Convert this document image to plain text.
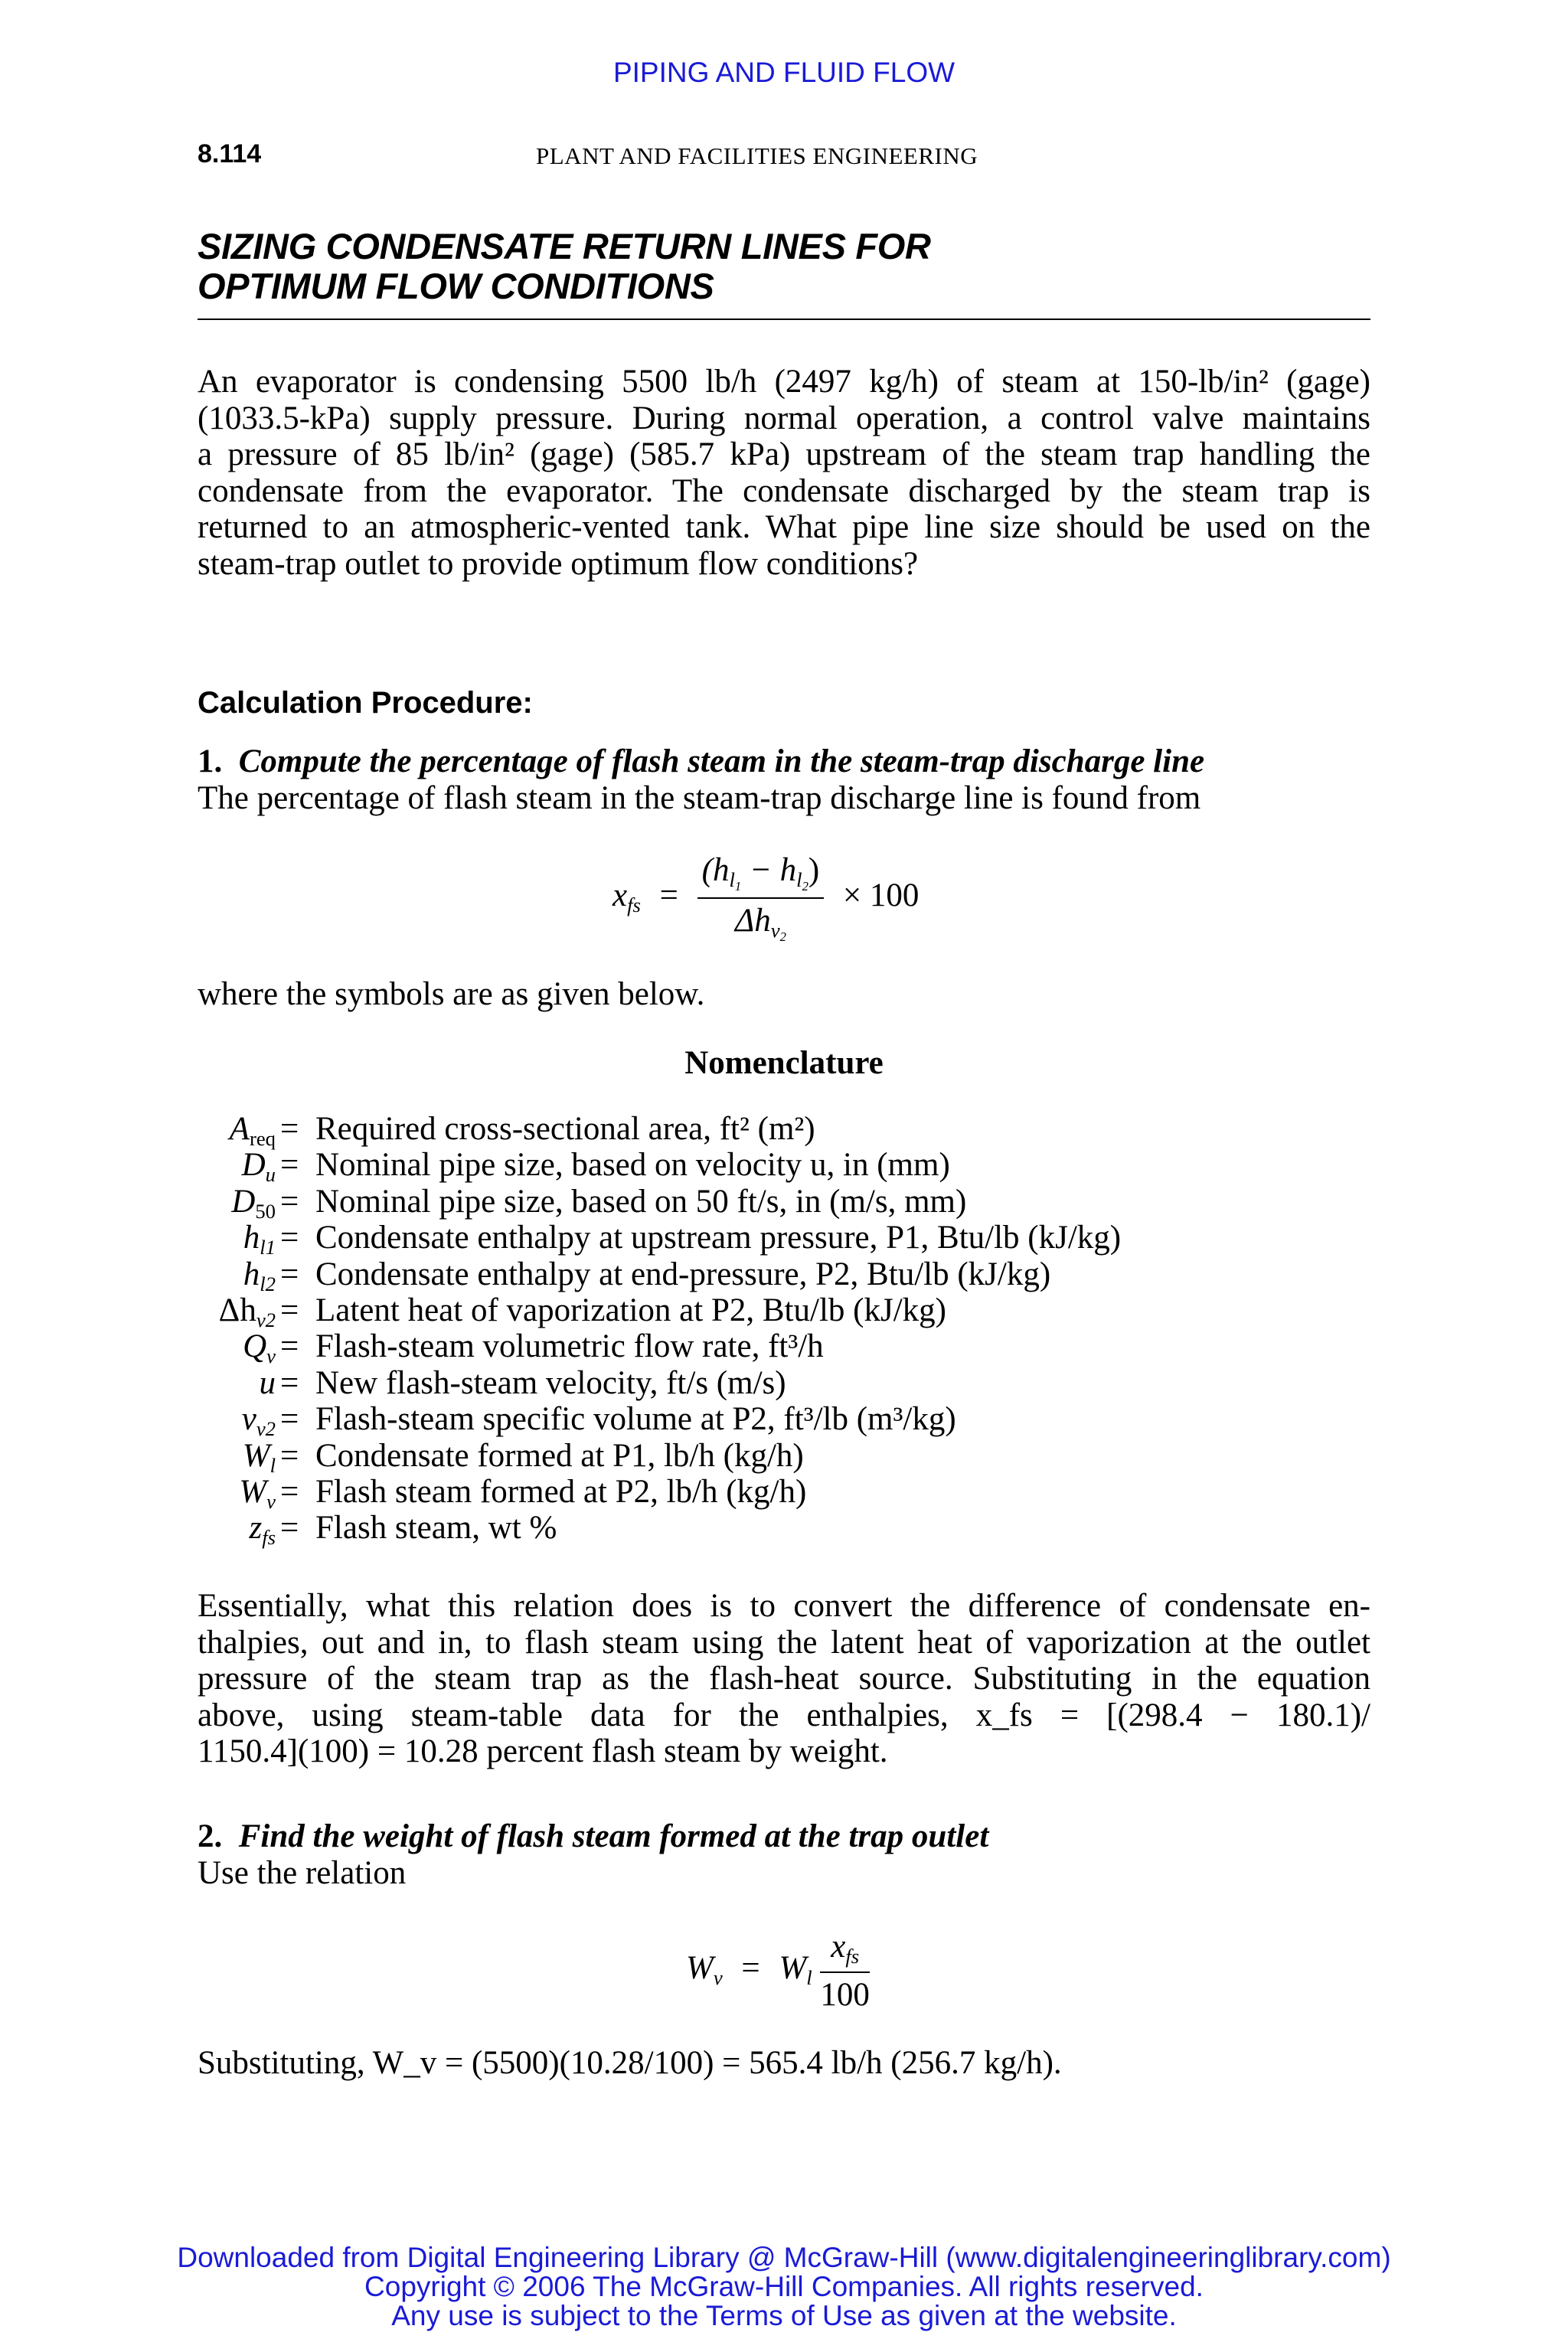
PIPING AND FLUID FLOW
8.114	PLANT AND FACILITIES ENGINEERING
SIZING CONDENSATE RETURN LINES FOR
OPTIMUM FLOW CONDITIONS
An evaporator is condensing 5500 lb/h (2497 kg/h) of steam at 150-lb/in² (gage)
(1033.5-kPa) supply pressure. During normal operation, a control valve maintains
a pressure of 85 lb/in² (gage) (585.7 kPa) upstream of the steam trap handling the
condensate from the evaporator. The condensate discharged by the steam trap is
returned to an atmospheric-vented tank. What pipe line size should be used on the
steam-trap outlet to provide optimum flow conditions?
Calculation Procedure:
1. Compute the percentage of flash steam in the steam-trap discharge line
The percentage of flash steam in the steam-trap discharge line is found from
$x_{fs} = \frac{(h_{l_1} - h_{l_2})}{\Delta h_{v_2}} \times 100$
where the symbols are as given below.
Nomenclature
$A_{req}$ = Required cross-sectional area, ft² (m²)
$D_u$ = Nominal pipe size, based on velocity u, in (mm)
$D_{50}$ = Nominal pipe size, based on 50 ft/s, in (m/s, mm)
$h_{l1}$ = Condensate enthalpy at upstream pressure, P1, Btu/lb (kJ/kg)
$h_{l2}$ = Condensate enthalpy at end-pressure, P2, Btu/lb (kJ/kg)
$\Delta h_{v2}$ = Latent heat of vaporization at P2, Btu/lb (kJ/kg)
$Q_v$ = Flash-steam volumetric flow rate, ft³/h
u = New flash-steam velocity, ft/s (m/s)
$v_{v2}$ = Flash-steam specific volume at P2, ft³/lb (m³/kg)
$W_l$ = Condensate formed at P1, lb/h (kg/h)
$W_v$ = Flash steam formed at P2, lb/h (kg/h)
$z_{fs}$ = Flash steam, wt %
Essentially, what this relation does is to convert the difference of condensate en-
thalpies, out and in, to flash steam using the latent heat of vaporization at the outlet
pressure of the steam trap as the flash-heat source. Substituting in the equation
above, using steam-table data for the enthalpies, x_fs = [(298.4 − 180.1)/
1150.4](100) = 10.28 percent flash steam by weight.
2. Find the weight of flash steam formed at the trap outlet
Use the relation
$W_v = W_l \frac{x_{fs}}{100}$
Substituting, W_v = (5500)(10.28/100) = 565.4 lb/h (256.7 kg/h).
Downloaded from Digital Engineering Library @ McGraw-Hill (www.digitalengineeringlibrary.com)
Copyright © 2006 The McGraw-Hill Companies. All rights reserved.
Any use is subject to the Terms of Use as given at the website.
